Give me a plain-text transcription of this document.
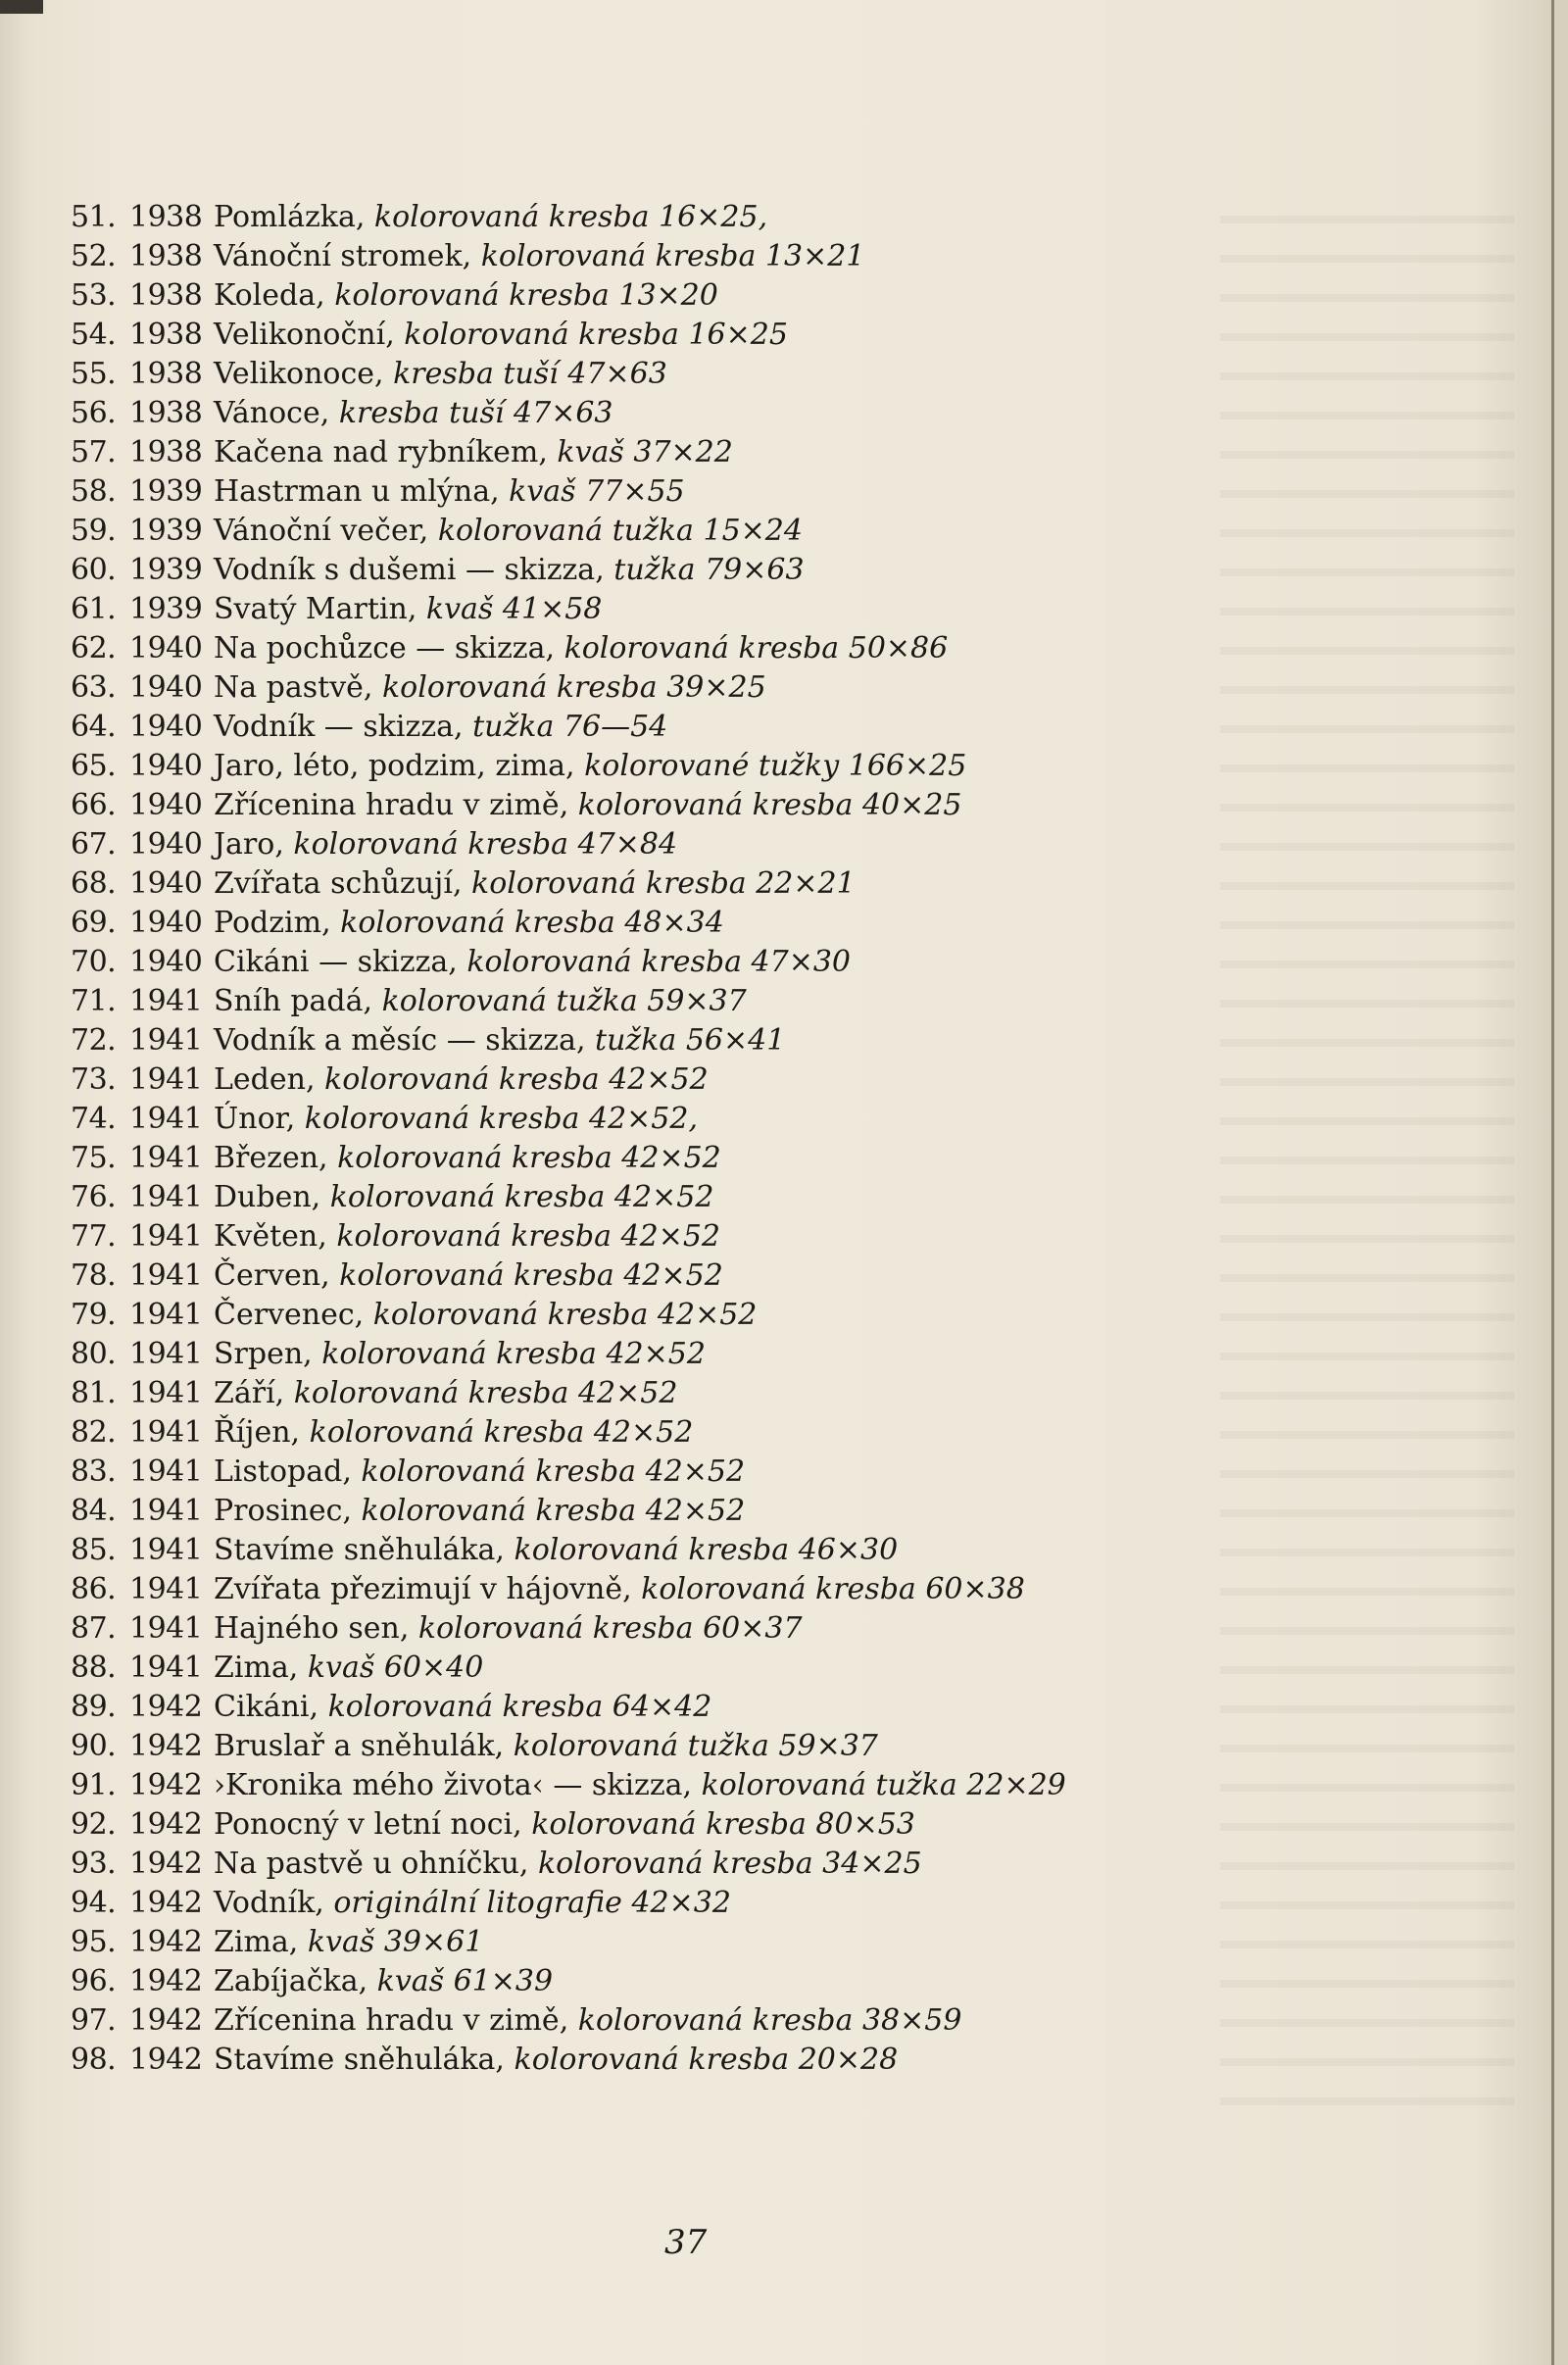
51. 1938 Pomlázka, kolorovaná kresba 16×25,
52. 1938 Vánoční stromek, kolorovaná kresba 13×21
53. 1938 Koleda, kolorovaná kresba 13×20
54. 1938 Velikonoční, kolorovaná kresba 16×25
55. 1938 Velikonoce, kresba tuší 47×63
56. 1938 Vánoce, kresba tuší 47×63
57. 1938 Kačena nad rybníkem, kvaš 37×22
58. 1939 Hastrman u mlýna, kvaš 77×55
59. 1939 Vánoční večer, kolorovaná tužka 15×24
60. 1939 Vodník s dušemi — skizza, tužka 79×63
61. 1939 Svatý Martin, kvaš 41×58
62. 1940 Na pochůzce — skizza, kolorovaná kresba 50×86
63. 1940 Na pastvě, kolorovaná kresba 39×25
64. 1940 Vodník — skizza, tužka 76—54
65. 1940 Jaro, léto, podzim, zima, kolorované tužky 166×25
66. 1940 Zřícenina hradu v zimě, kolorovaná kresba 40×25
67. 1940 Jaro, kolorovaná kresba 47×84
68. 1940 Zvířata schůzují, kolorovaná kresba 22×21
69. 1940 Podzim, kolorovaná kresba 48×34
70. 1940 Cikáni — skizza, kolorovaná kresba 47×30
71. 1941 Sníh padá, kolorovaná tužka 59×37
72. 1941 Vodník a měsíc — skizza, tužka 56×41
73. 1941 Leden, kolorovaná kresba 42×52
74. 1941 Únor, kolorovaná kresba 42×52,
75. 1941 Březen, kolorovaná kresba 42×52
76. 1941 Duben, kolorovaná kresba 42×52
77. 1941 Květen, kolorovaná kresba 42×52
78. 1941 Červen, kolorovaná kresba 42×52
79. 1941 Červenec, kolorovaná kresba 42×52
80. 1941 Srpen, kolorovaná kresba 42×52
81. 1941 Září, kolorovaná kresba 42×52
82. 1941 Říjen, kolorovaná kresba 42×52
83. 1941 Listopad, kolorovaná kresba 42×52
84. 1941 Prosinec, kolorovaná kresba 42×52
85. 1941 Stavíme sněhuláka, kolorovaná kresba 46×30
86. 1941 Zvířata přezimují v hájovně, kolorovaná kresba 60×38
87. 1941 Hajného sen, kolorovaná kresba 60×37
88. 1941 Zima, kvaš 60×40
89. 1942 Cikáni, kolorovaná kresba 64×42
90. 1942 Bruslař a sněhulák, kolorovaná tužka 59×37
91. 1942 ›Kronika mého života‹ — skizza, kolorovaná tužka 22×29
92. 1942 Ponocný v letní noci, kolorovaná kresba 80×53
93. 1942 Na pastvě u ohníčku, kolorovaná kresba 34×25
94. 1942 Vodník, originální litografie 42×32
95. 1942 Zima, kvaš 39×61
96. 1942 Zabíjačka, kvaš 61×39
97. 1942 Zřícenina hradu v zimě, kolorovaná kresba 38×59
98. 1942 Stavíme sněhuláka, kolorovaná kresba 20×28
37
